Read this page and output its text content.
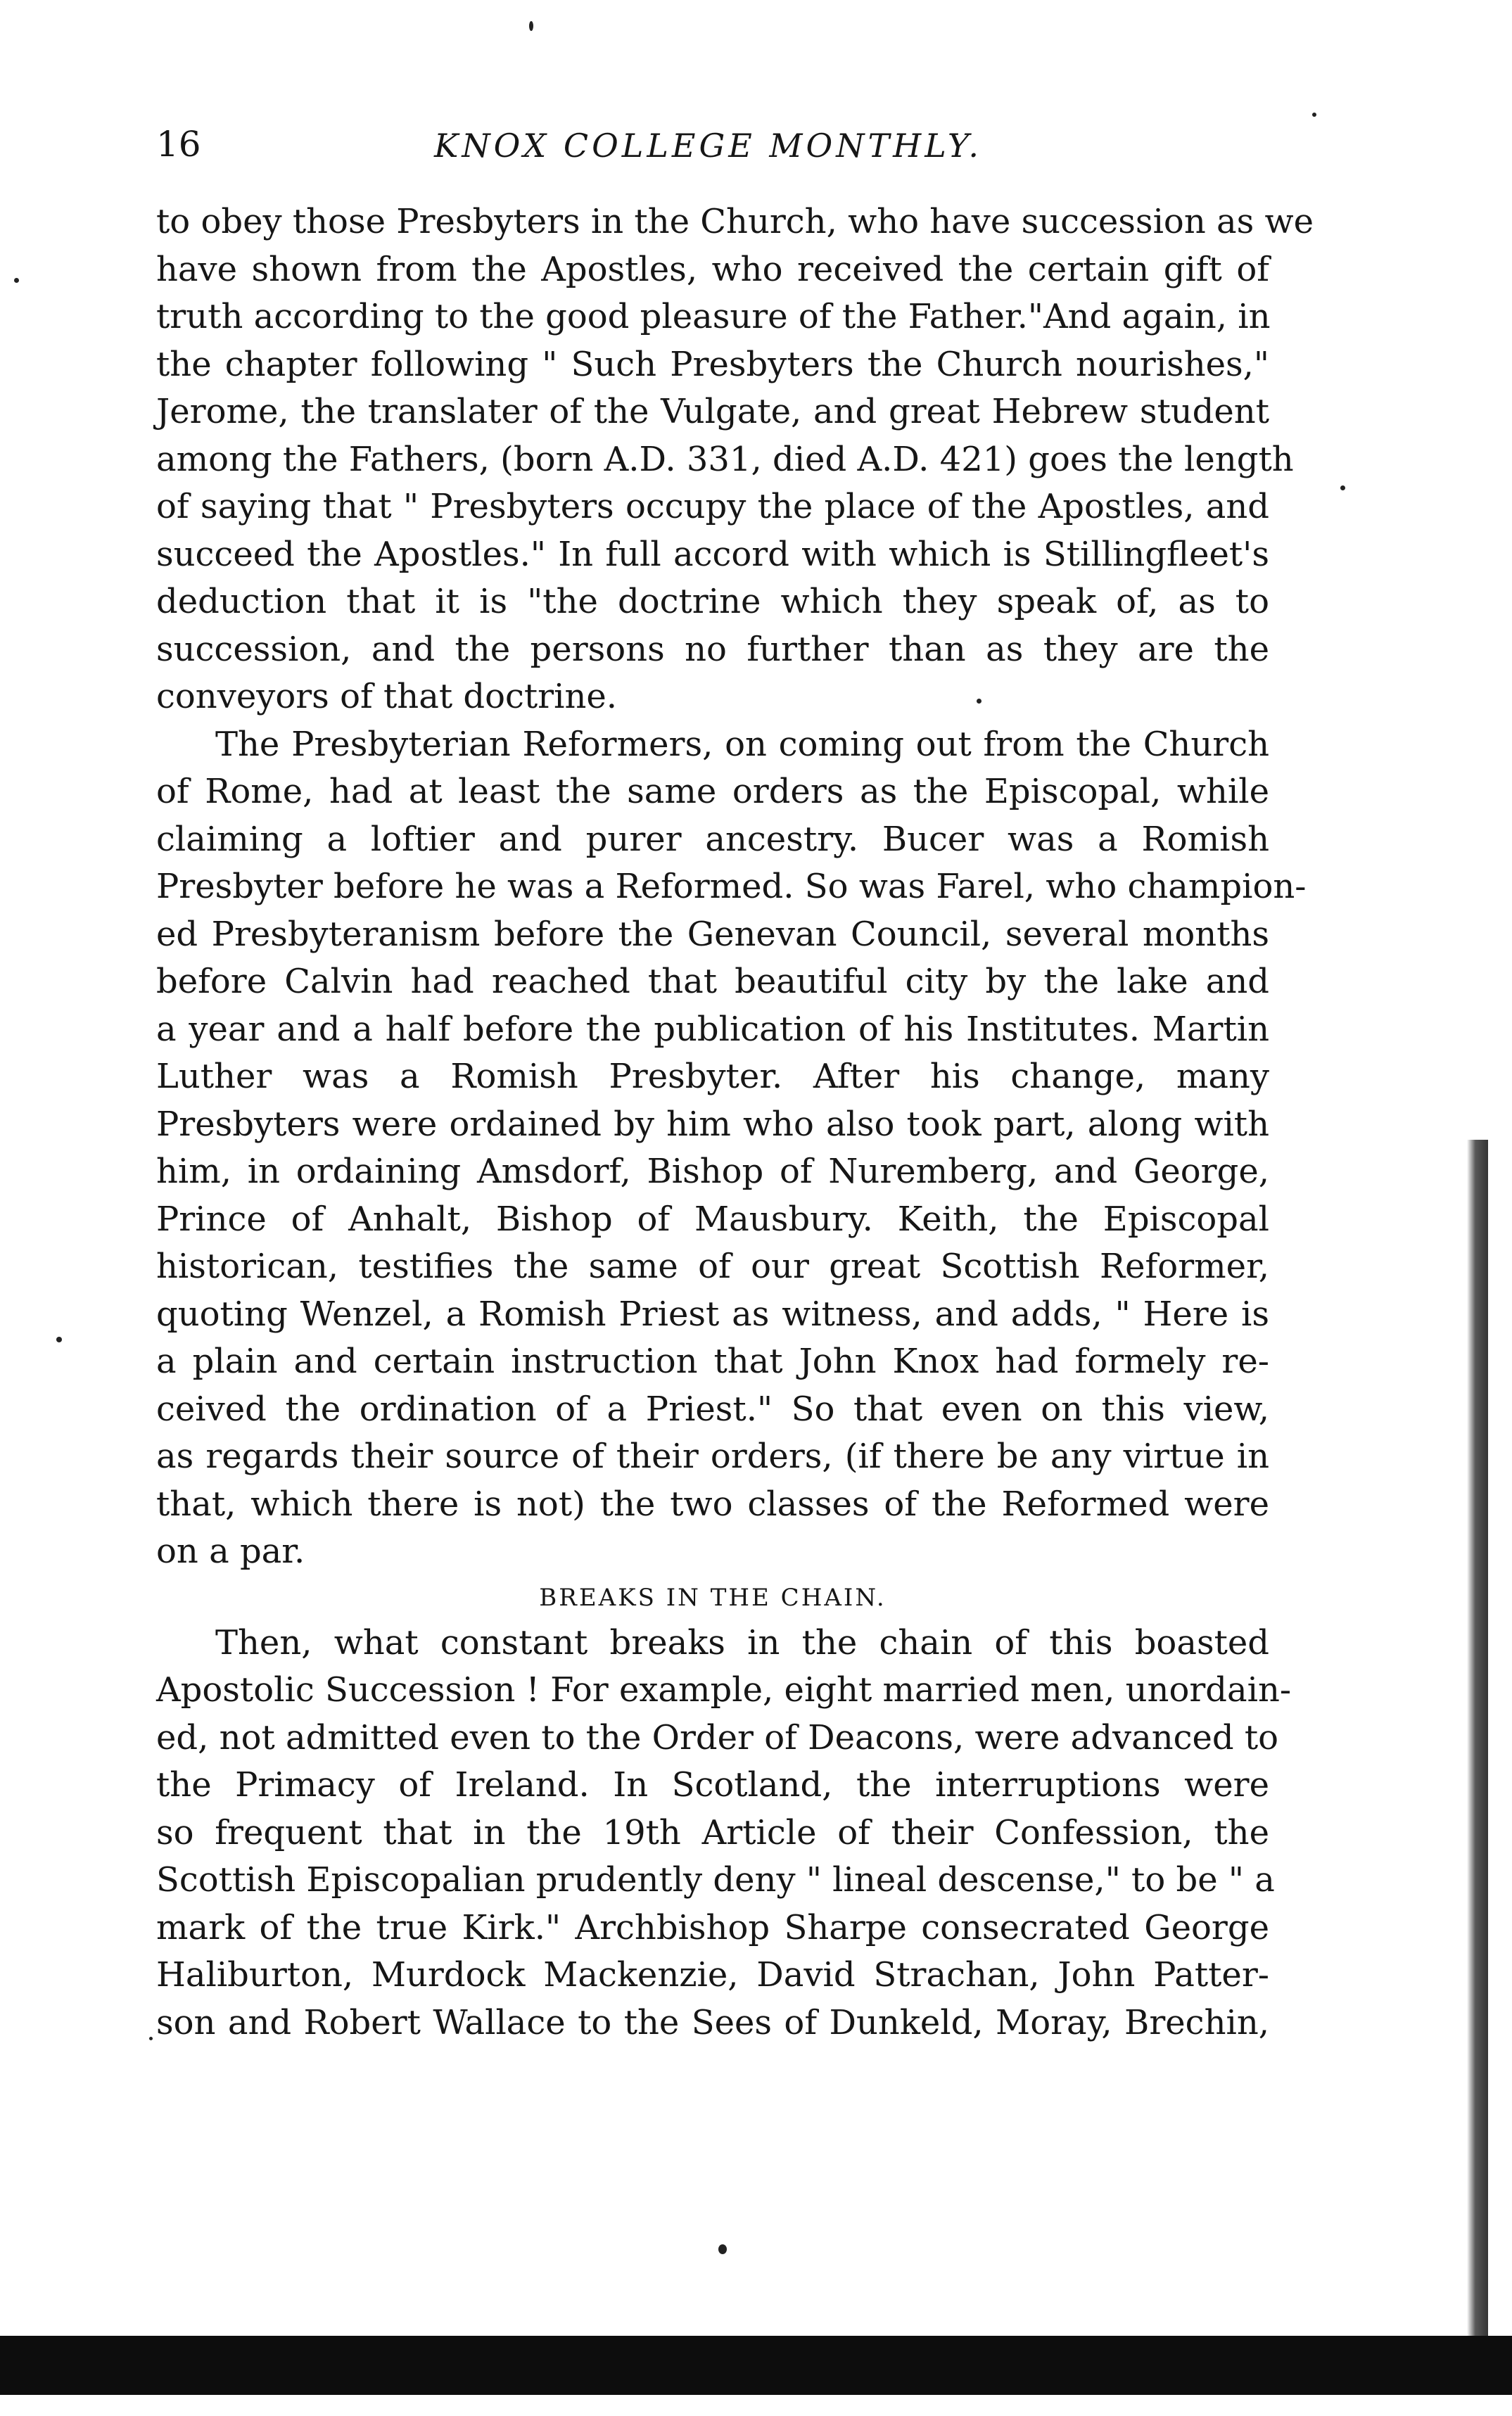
16	KNOX COLLEGE MONTHLY.
to obey those Presbyters in the Church, who have succession as we
have shown from the Apostles, who received the certain gift of
truth according to the good pleasure of the Father."And again, in
the chapter following " Such Presbyters the Church nourishes,"
Jerome, the translater of the Vulgate, and great Hebrew student
among the Fathers, (born A.D. 331, died A.D. 421) goes the length
of saying that " Presbyters occupy the place of the Apostles, and
succeed the Apostles." In full accord with which is Stillingfleet's
deduction that it is "the doctrine which they speak of, as to
succession, and the persons no further than as they are the
conveyors of that doctrine.
The Presbyterian Reformers, on coming out from the Church
of Rome, had at least the same orders as the Episcopal, while
claiming a loftier and purer ancestry. Bucer was a Romish
Presbyter before he was a Reformed. So was Farel, who champion-
ed Presbyteranism before the Genevan Council, several months
before Calvin had reached that beautiful city by the lake and
a year and a half before the publication of his Institutes. Martin
Luther was a Romish Presbyter. After his change, many
Presbyters were ordained by him who also took part, along with
him, in ordaining Amsdorf, Bishop of Nuremberg, and George,
Prince of Anhalt, Bishop of Mausbury. Keith, the Episcopal
historican, testifies the same of our great Scottish Reformer,
quoting Wenzel, a Romish Priest as witness, and adds, " Here is
a plain and certain instruction that John Knox had formely re-
ceived the ordination of a Priest." So that even on this view,
as regards their source of their orders, (if there be any virtue in
that, which there is not) the two classes of the Reformed were
on a par.
BREAKS IN THE CHAIN.
Then, what constant breaks in the chain of this boasted
Apostolic Succession ! For example, eight married men, unordain-
ed, not admitted even to the Order of Deacons, were advanced to
the Primacy of Ireland. In Scotland, the interruptions were
so frequent that in the 19th Article of their Confession, the
Scottish Episcopalian prudently deny " lineal descense," to be " a
mark of the true Kirk." Archbishop Sharpe consecrated George
Haliburton, Murdock Mackenzie, David Strachan, John Patter-
son and Robert Wallace to the Sees of Dunkeld, Moray, Brechin,
